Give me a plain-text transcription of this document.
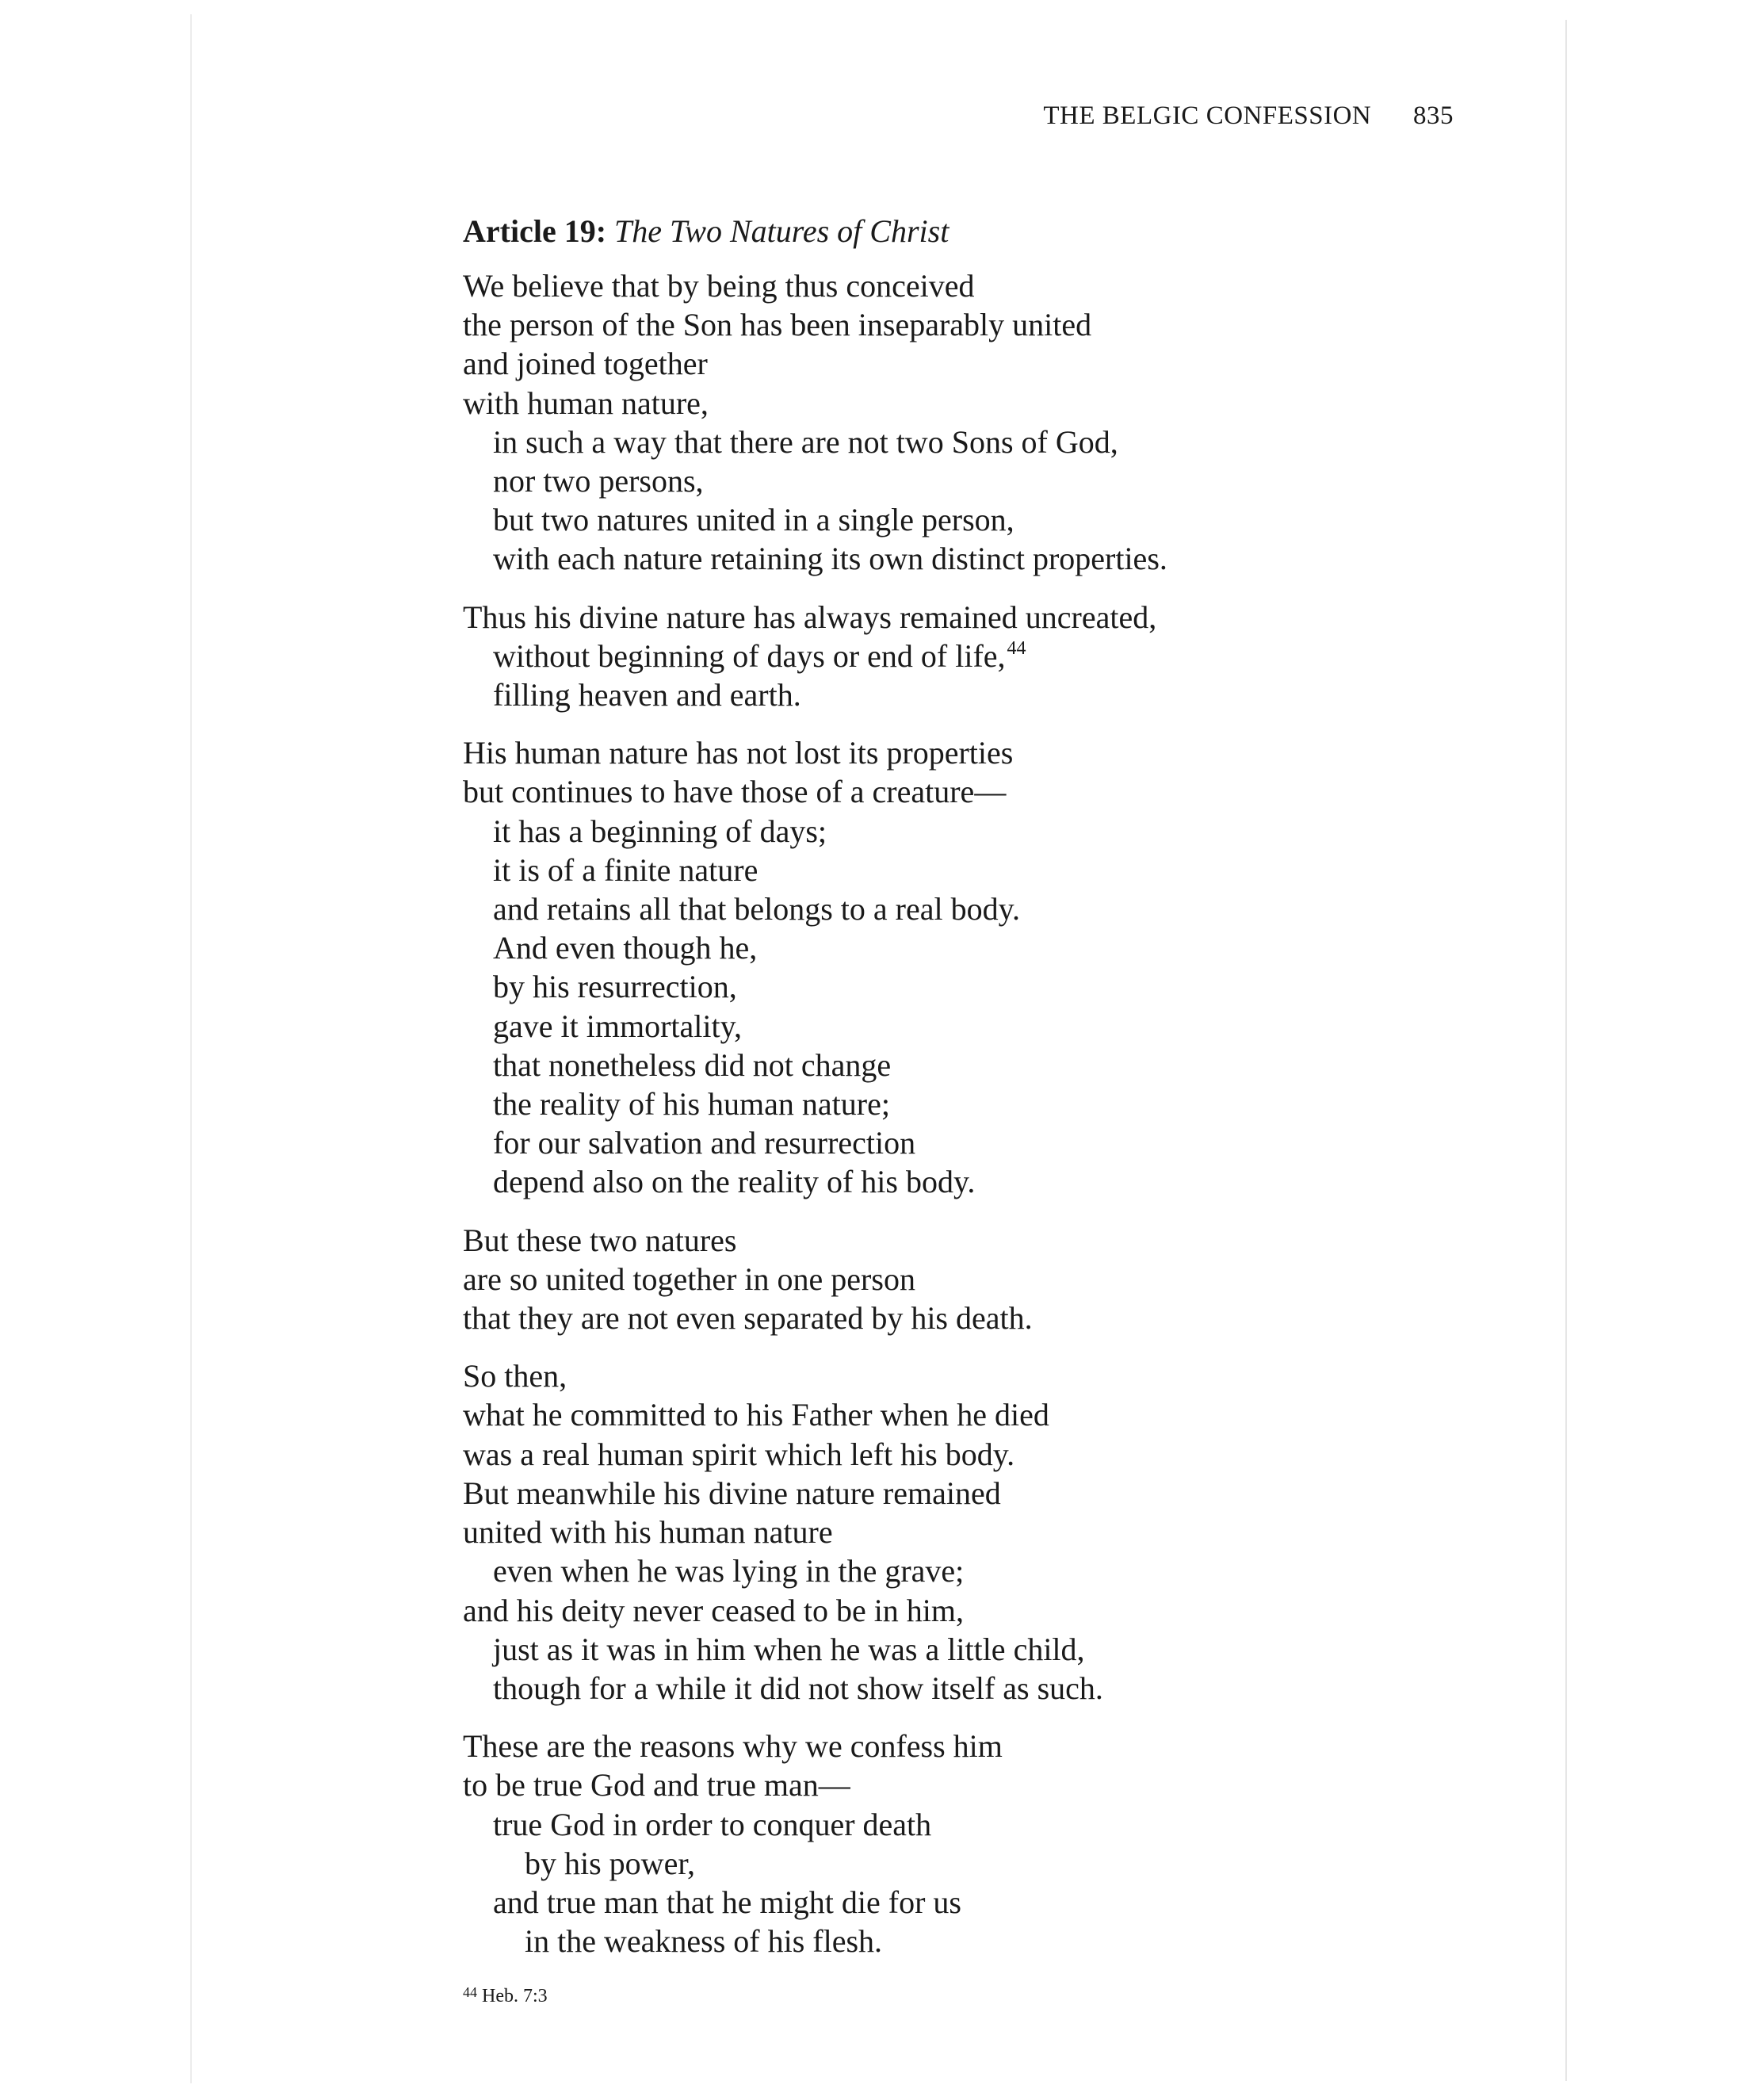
THE BELGIC CONFESSION 835
Article 19: The Two Natures of Christ
We believe that by being thus conceived
the person of the Son has been inseparably united
and joined together
with human nature,
in such a way that there are not two Sons of God,
nor two persons,
but two natures united in a single person,
with each nature retaining its own distinct properties.
Thus his divine nature has always remained uncreated,
without beginning of days or end of life,$^{44}$
filling heaven and earth.
His human nature has not lost its properties
but continues to have those of a creature—
it has a beginning of days;
it is of a finite nature
and retains all that belongs to a real body.
And even though he,
by his resurrection,
gave it immortality,
that nonetheless did not change
the reality of his human nature;
for our salvation and resurrection
depend also on the reality of his body.
But these two natures
are so united together in one person
that they are not even separated by his death.
So then,
what he committed to his Father when he died
was a real human spirit which left his body.
But meanwhile his divine nature remained
united with his human nature
even when he was lying in the grave;
and his deity never ceased to be in him,
just as it was in him when he was a little child,
though for a while it did not show itself as such.
These are the reasons why we confess him
to be true God and true man—
true God in order to conquer death
by his power,
and true man that he might die for us
in the weakness of his flesh.
$^{44}$ Heb. 7:3
